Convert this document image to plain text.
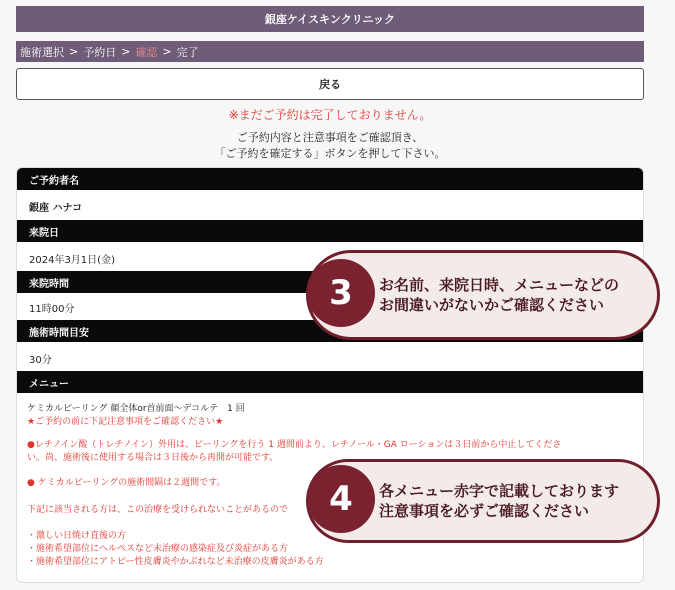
銀座ケイスキンクリニック
施術選択 > 予約日 > 確認 > 完了
戻る
※まだご予約は完了しておりません。
ご予約内容と注意事項をご確認頂き、
「ご予約を確定する」ボタンを押して下さい。
ご予約者名
銀座 ハナコ
来院日
2024年3月1日(金)
来院時間
11時00分
施術時間目安
30分
メニュー
ケミカルピーリング 顔全体or首前面〜デコルテ　1 回
★ご予約の前に下記注意事項をご確認ください★
●レチノイン酸（トレチノイン）外用は、ピーリングを行う 1 週間前より、レチノール・GA ローションは３日前から中止してくださ
い。尚、施術後に使用する場合は３日後から再開が可能です。
● ケミカルピーリングの施術間隔は２週間です。
下記に該当される方は、この治療を受けられないことがあるので
・激しい日焼け直後の方
・施術希望部位にヘルペスなど未治療の感染症及び炎症がある方
・施術希望部位にアトピー性皮膚炎やかぶれなど未治療の皮膚炎がある方
お名前、来院日時、メニューなどの
お間違いがないかご確認ください
3
各メニュー赤字で記載しております
注意事項を必ずご確認ください
4
